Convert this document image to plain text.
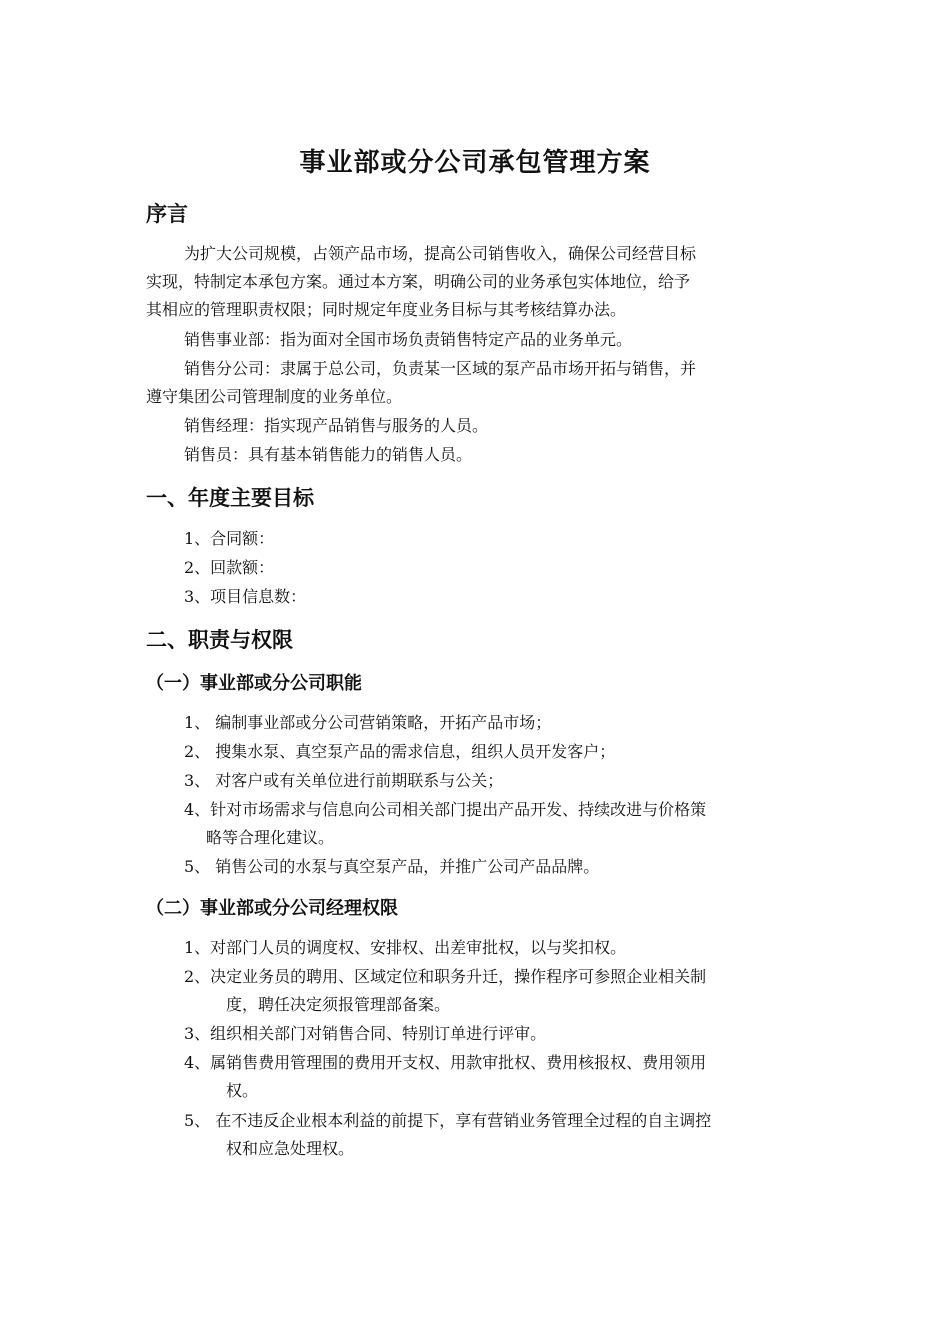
事业部或分公司承包管理方案
序言
为扩大公司规模，占领产品市场，提高公司销售收入，确保公司经营目标
实现，特制定本承包方案。通过本方案，明确公司的业务承包实体地位，给予
其相应的管理职责权限；同时规定年度业务目标与其考核结算办法。
销售事业部：指为面对全国市场负责销售特定产品的业务单元。
销售分公司：隶属于总公司，负责某一区域的泵产品市场开拓与销售，并
遵守集团公司管理制度的业务单位。
销售经理：指实现产品销售与服务的人员。
销售员：具有基本销售能力的销售人员。
一、年度主要目标
1、合同额：
2、回款额：
3、项目信息数：
二、职责与权限
（一）事业部或分公司职能
1、 编制事业部或分公司营销策略，开拓产品市场；
2、 搜集水泵、真空泵产品的需求信息，组织人员开发客户；
3、 对客户或有关单位进行前期联系与公关；
4、针对市场需求与信息向公司相关部门提出产品开发、持续改进与价格策
略等合理化建议。
5、 销售公司的水泵与真空泵产品，并推广公司产品品牌。
（二）事业部或分公司经理权限
1、对部门人员的调度权、安排权、出差审批权，以与奖扣权。
2、决定业务员的聘用、区域定位和职务升迁，操作程序可参照企业相关制
度，聘任决定须报管理部备案。
3、组织相关部门对销售合同、特别订单进行评审。
4、属销售费用管理围的费用开支权、用款审批权、费用核报权、费用领用
权。
5、 在不违反企业根本利益的前提下，享有营销业务管理全过程的自主调控
权和应急处理权。
